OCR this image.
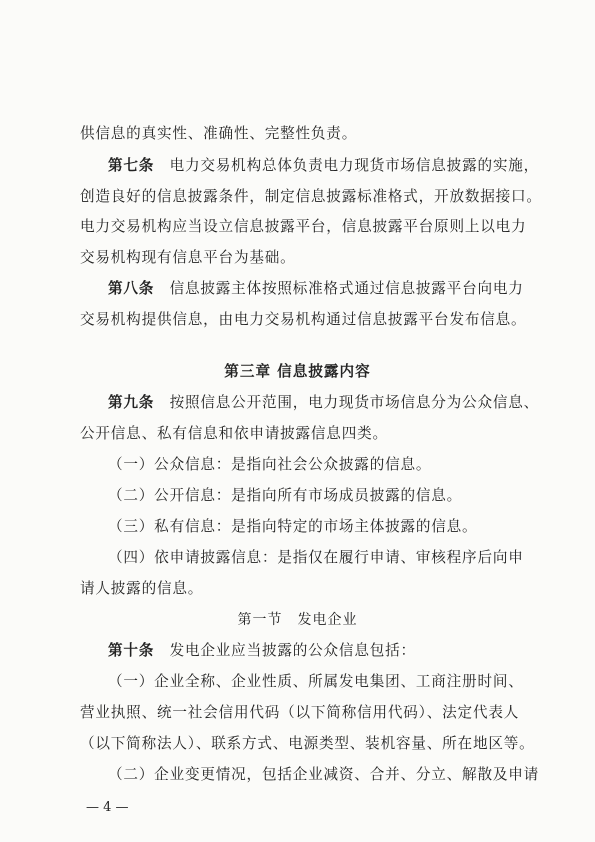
供信息的真实性、准确性、完整性负责。
第七条  电力交易机构总体负责电力现货市场信息披露的实施，
创造良好的信息披露条件，制定信息披露标准格式，开放数据接口。
电力交易机构应当设立信息披露平台，信息披露平台原则上以电力
交易机构现有信息平台为基础。
第八条  信息披露主体按照标准格式通过信息披露平台向电力
交易机构提供信息，由电力交易机构通过信息披露平台发布信息。
第三章 信息披露内容
第九条  按照信息公开范围，电力现货市场信息分为公众信息、
公开信息、私有信息和依申请披露信息四类。
（一）公众信息：是指向社会公众披露的信息。
（二）公开信息：是指向所有市场成员披露的信息。
（三）私有信息：是指向特定的市场主体披露的信息。
（四）依申请披露信息：是指仅在履行申请、审核程序后向申
请人披露的信息。
第一节　发电企业
第十条  发电企业应当披露的公众信息包括：
（一）企业全称、企业性质、所属发电集团、工商注册时间、
营业执照、统一社会信用代码（以下简称信用代码）、法定代表人
（以下简称法人）、联系方式、电源类型、装机容量、所在地区等。
（二）企业变更情况，包括企业减资、合并、分立、解散及申请
— 4 —
